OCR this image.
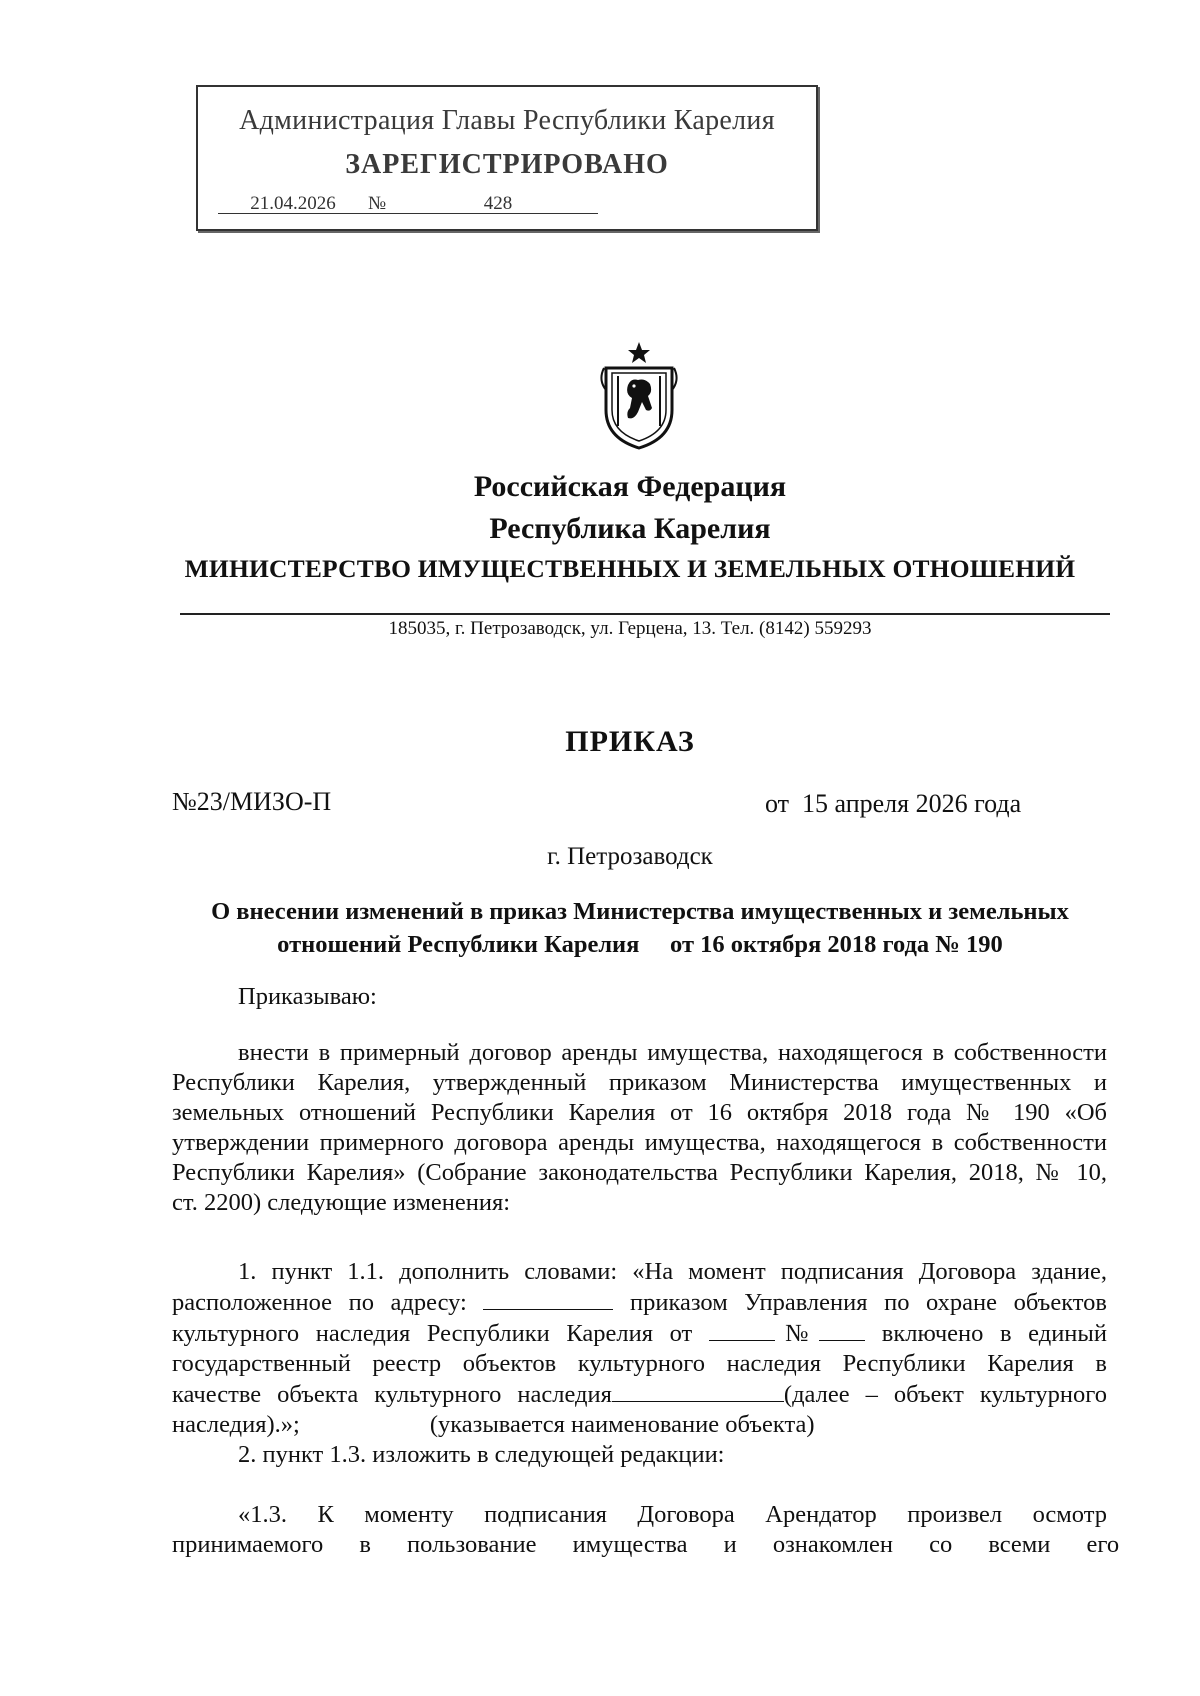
Администрация Главы Республики Карелия
ЗАРЕГИСТРИРОВАНО
21.04.2026 №	428
Российская Федерация
Республика Карелия
МИНИСТЕРСТВО ИМУЩЕСТВЕННЫХ И ЗЕМЕЛЬНЫХ ОТНОШЕНИЙ
185035, г. Петрозаводск, ул. Герцена, 13. Тел. (8142) 559293
ПРИКАЗ
№23/МИЗО-П	от  15 апреля 2026 года
г. Петрозаводск
О внесении изменений в приказ Министерства имущественных и земельных
отношений Республики Карелия     от 16 октября 2018 года № 190
Приказываю:
внести в примерный договор аренды имущества, находящегося в собственности
Республики Карелия, утвержденный приказом Министерства имущественных и
земельных отношений Республики Карелия от 16 октября 2018 года № 190 «Об
утверждении примерного договора аренды имущества, находящегося в собственности
Республики Карелия» (Собрание законодательства Республики Карелия, 2018, № 10,
ст. 2200) следующие изменения:
1. пункт 1.1. дополнить словами: «На момент подписания Договора здание,
расположенное по адресу:	приказом Управления по охране объектов
культурного наследия Республики Карелия от	№	включено в единый
государственный реестр объектов культурного наследия Республики Карелия в
качестве объекта культурного наследия	(далее – объект культурного
наследия).»;	(указывается наименование объекта)
2. пункт 1.3. изложить в следующей редакции:
«1.3. К моменту подписания Договора Арендатор произвел осмотр
принимаемого в пользование имущества и ознакомлен со всеми его
